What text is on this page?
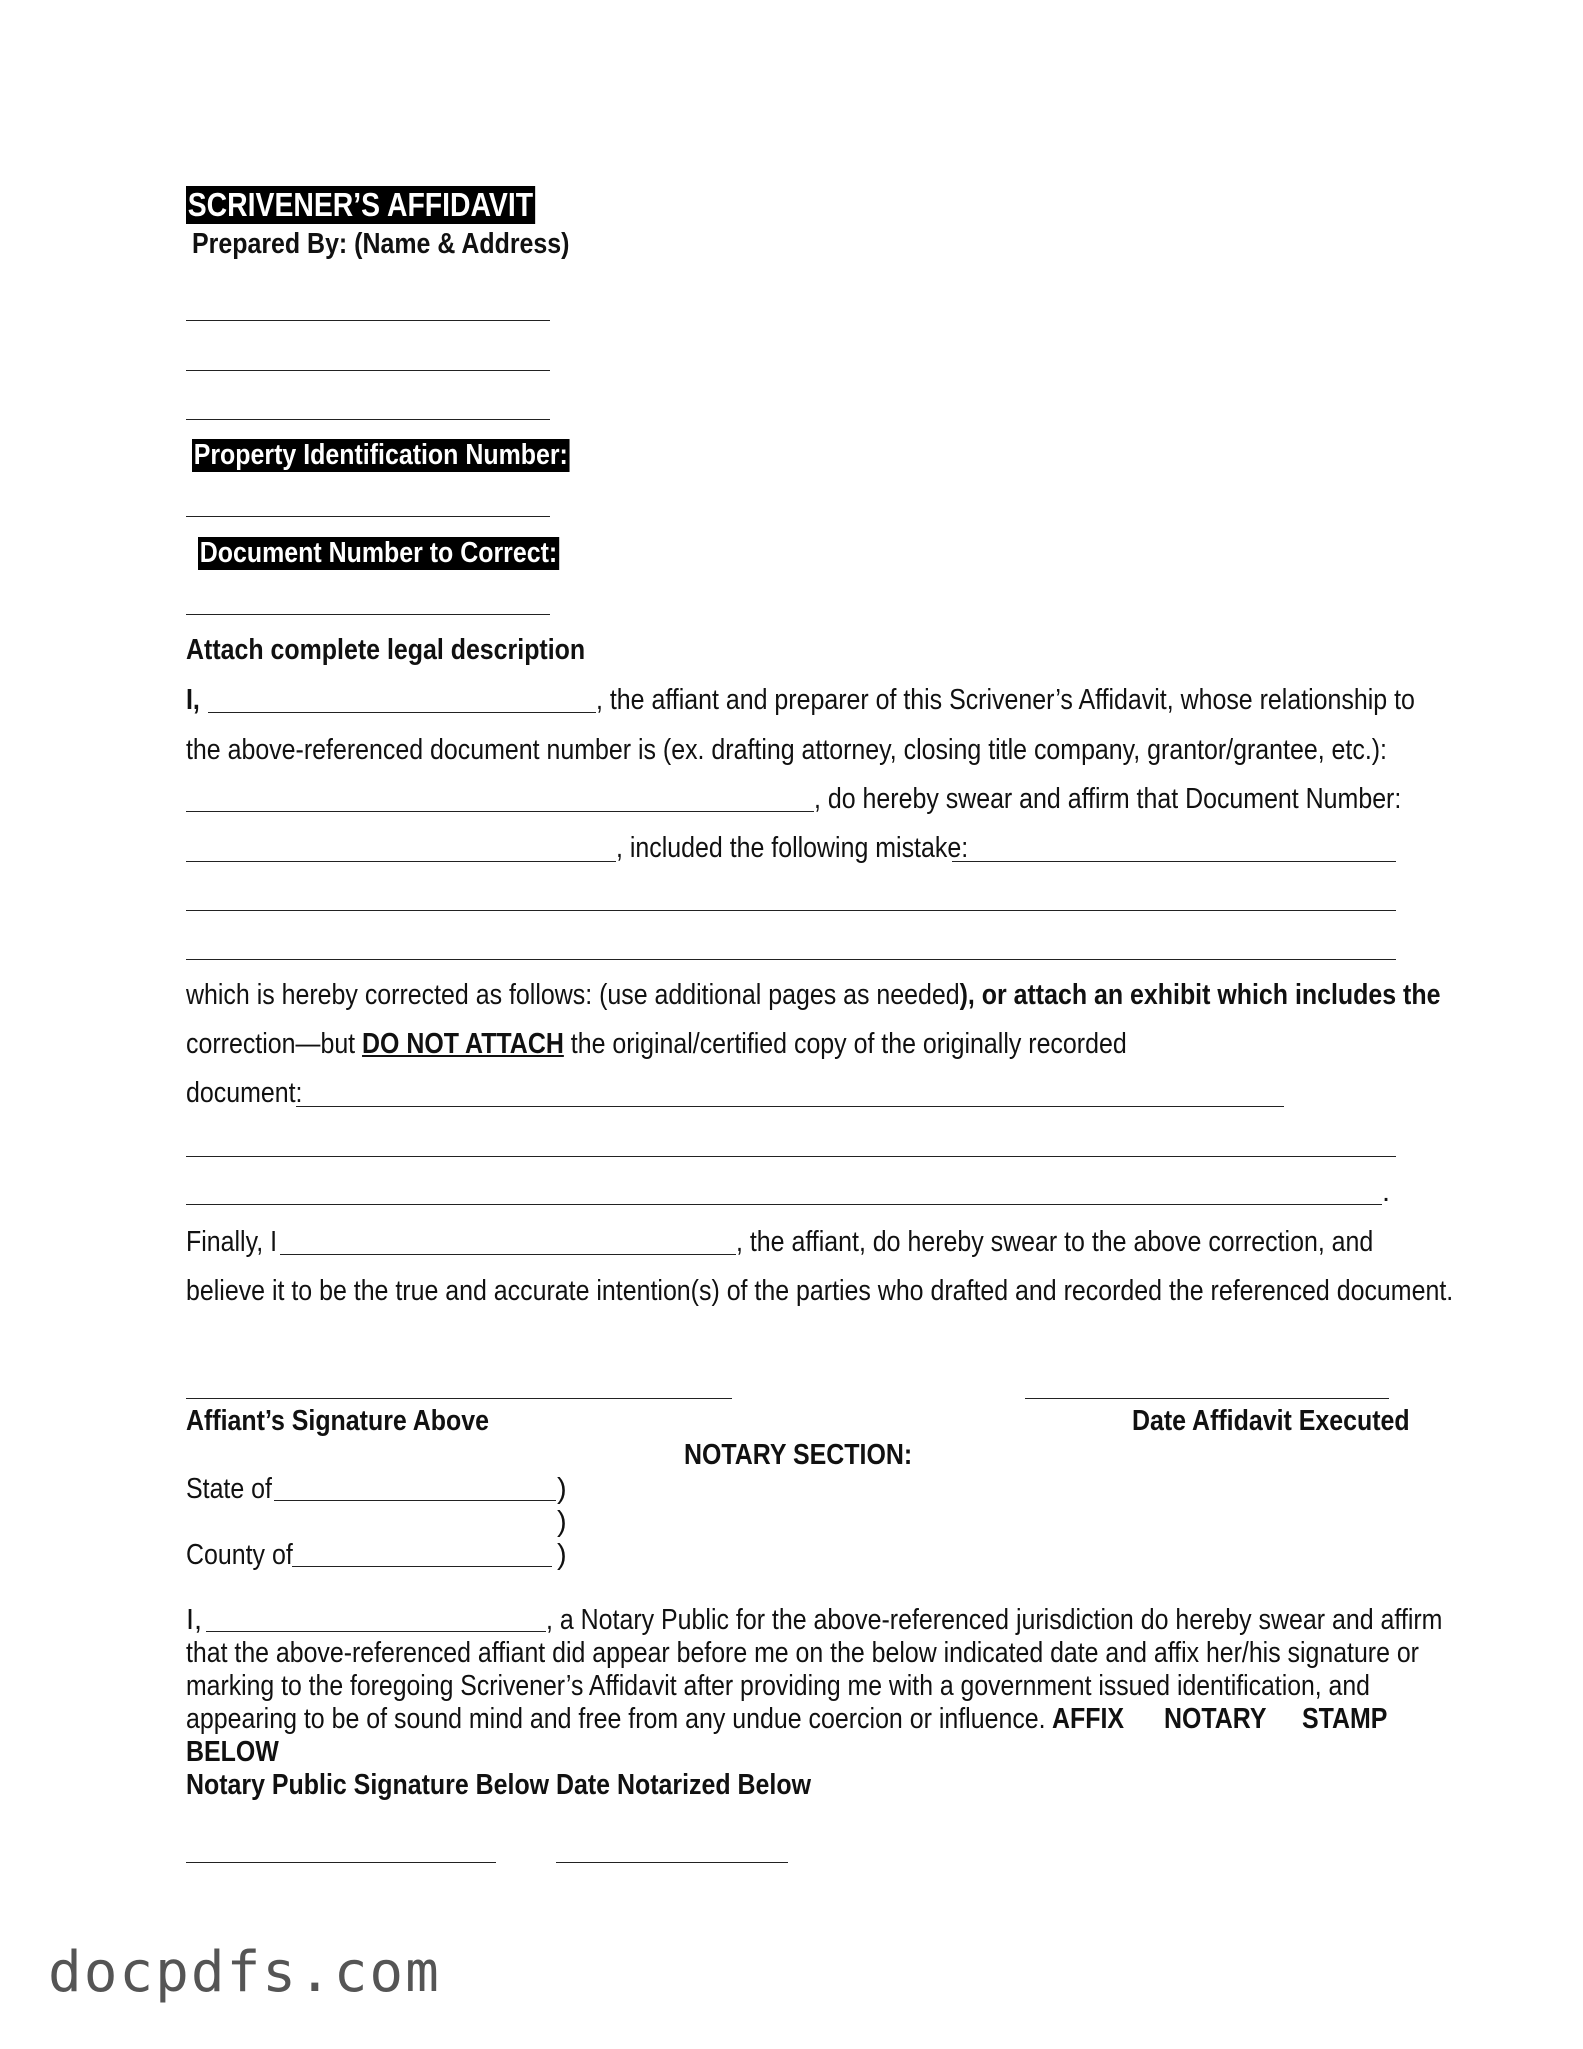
SCRIVENER’S AFFIDAVIT
Prepared By: (Name & Address)
Property Identification Number:
Document Number to Correct:
Attach complete legal description
I,	, the affiant and preparer of this Scrivener’s Affidavit, whose relationship to
the above-referenced document number is (ex. drafting attorney, closing title company, grantor/grantee, etc.):
, do hereby swear and affirm that Document Number:
, included the following mistake:
which is hereby corrected as follows: (use additional pages as needed), or attach an exhibit which includes the
correction—but DO NOT ATTACH the original/certified copy of the originally recorded
document:
.
Finally, I	, the affiant, do hereby swear to the above correction, and
believe it to be the true and accurate intention(s) of the parties who drafted and recorded the referenced document.
Affiant’s Signature Above	Date Affidavit Executed
NOTARY SECTION:
State of	)
)
County of	)
I,	, a Notary Public for the above-referenced jurisdiction do hereby swear and affirm
that the above-referenced affiant did appear before me on the below indicated date and affix her/his signature or
marking to the foregoing Scrivener’s Affidavit after providing me with a government issued identification, and
appearing to be of sound mind and free from any undue coercion or influence. AFFIX	NOTARY	STAMP
BELOW
Notary Public Signature Below Date Notarized Below
docpdfs.com
